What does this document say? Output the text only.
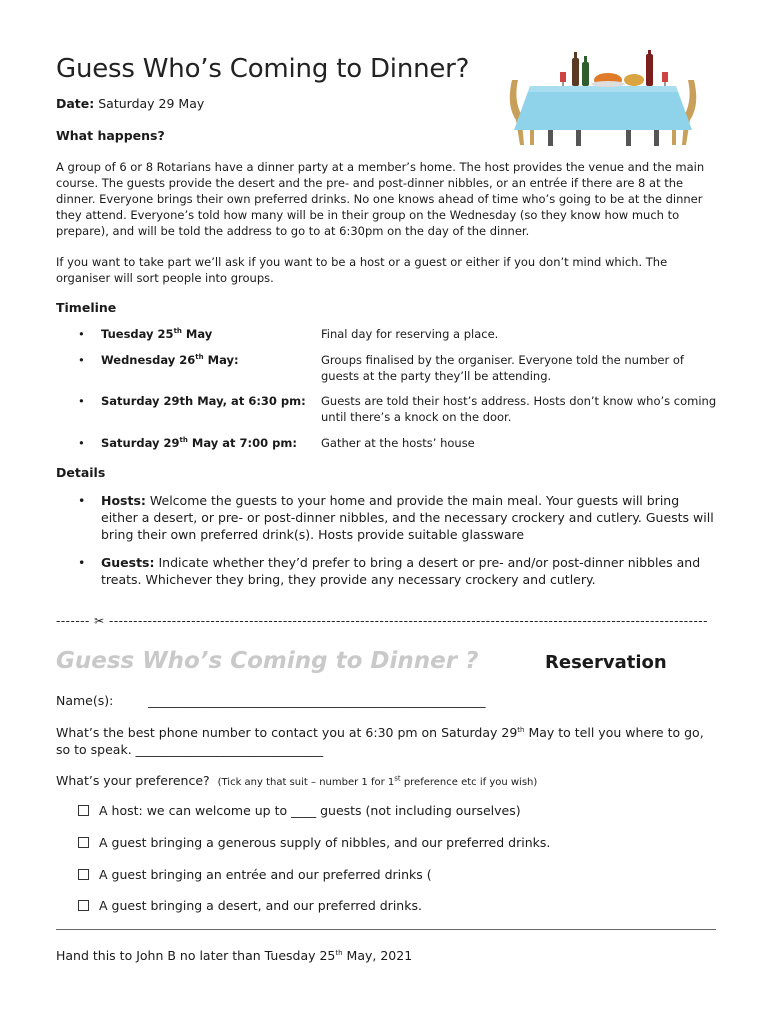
Guess Who’s Coming to Dinner?
Date: Saturday 29 May
What happens?
A group of 6 or 8 Rotarians have a dinner party at a member’s home. The host provides the venue and the main course. The guests provide the desert and the pre- and post-dinner nibbles, or an entrée if there are 8 at the dinner. Everyone brings their own preferred drinks. No one knows ahead of time who’s going to be at the dinner they attend. Everyone’s told how many will be in their group on the Wednesday (so they know how much to prepare), and will be told the address to go to at 6:30pm on the day of the dinner.
If you want to take part we’ll ask if you want to be a host or a guest or either if you don’t mind which. The organiser will sort people into groups.
Timeline
• Tuesday 25th May	Final day for reserving a place.
• Wednesday 26th May:	Groups finalised by the organiser. Everyone told the number of guests at the party they’ll be attending.
• Saturday 29th May, at 6:30 pm: Guests are told their host’s address. Hosts don’t know who’s coming until there’s a knock on the door.
• Saturday 29th May at 7:00 pm: Gather at the hosts’ house
Details
• Hosts: Welcome the guests to your home and provide the main meal. Your guests will bring either a desert, or pre- or post-dinner nibbles, and the necessary crockery and cutlery. Guests will bring their own preferred drink(s). Hosts provide suitable glassware
• Guests: Indicate whether they’d prefer to bring a desert or pre- and/or post-dinner nibbles and treats. Whichever they bring, they provide any necessary crockery and cutlery.
------- ✂ ----------------------------------------------------------------------------------------------------------------------------
Guess Who’s Coming to Dinner ?	Reservation
Name(s):	______________________________________________________
What’s the best phone number to contact you at 6:30 pm on Saturday 29th May to tell you where to go, so to speak. ______________________________
What’s your preference? (Tick any that suit – number 1 for 1st preference etc if you wish)
A host: we can welcome up to ____ guests (not including ourselves)
A guest bringing a generous supply of nibbles, and our preferred drinks.
A guest bringing an entrée and our preferred drinks (
A guest bringing a desert, and our preferred drinks.
Hand this to John B no later than Tuesday 25th May, 2021
